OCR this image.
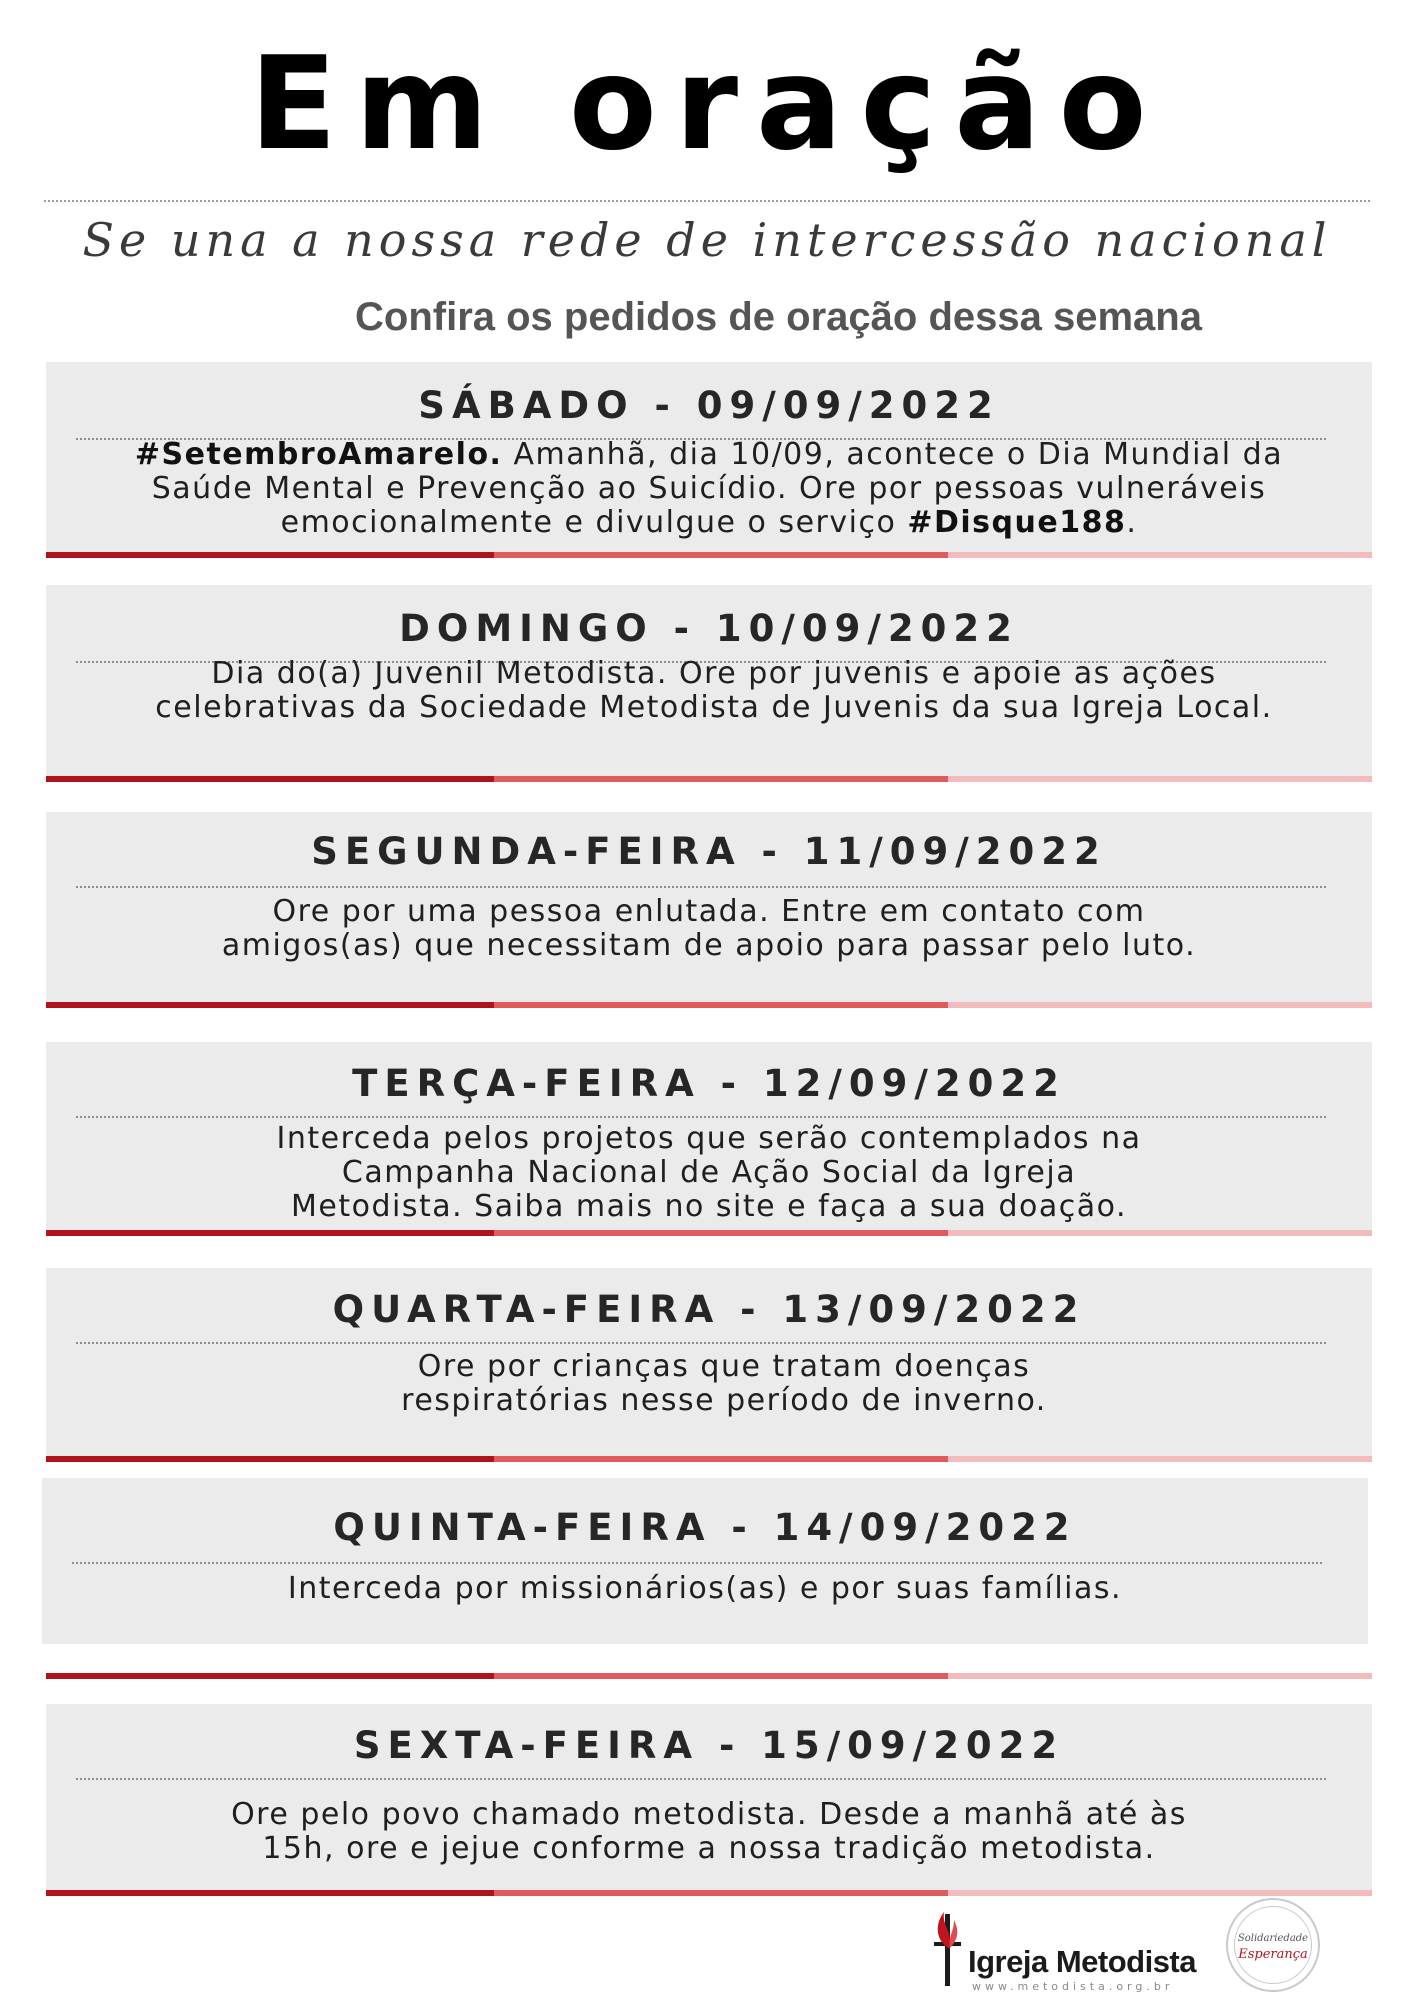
Em oração
Se una a nossa rede de intercessão nacional
Confira os pedidos de oração dessa semana
SÁBADO - 09/09/2022
#SetembroAmarelo. Amanhã, dia 10/09, acontece o Dia Mundial da Saúde Mental e Prevenção ao Suicídio. Ore por pessoas vulneráveis emocionalmente e divulgue o serviço #Disque188.
DOMINGO - 10/09/2022
Dia do(a) Juvenil Metodista. Ore por juvenis e apoie as ações celebrativas da Sociedade Metodista de Juvenis da sua Igreja Local.
SEGUNDA-FEIRA - 11/09/2022
Ore por uma pessoa enlutada. Entre em contato com amigos(as) que necessitam de apoio para passar pelo luto.
TERÇA-FEIRA - 12/09/2022
Interceda pelos projetos que serão contemplados na Campanha Nacional de Ação Social da Igreja Metodista. Saiba mais no site e faça a sua doação.
QUARTA-FEIRA - 13/09/2022
Ore por crianças que tratam doenças respiratórias nesse período de inverno.
QUINTA-FEIRA - 14/09/2022
Interceda por missionários(as) e por suas famílias.
SEXTA-FEIRA - 15/09/2022
Ore pelo povo chamado metodista. Desde a manhã até às 15h, ore e jejue conforme a nossa tradição metodista.
Igreja Metodista
www.metodista.org.br
Solidariedade
Esperança
